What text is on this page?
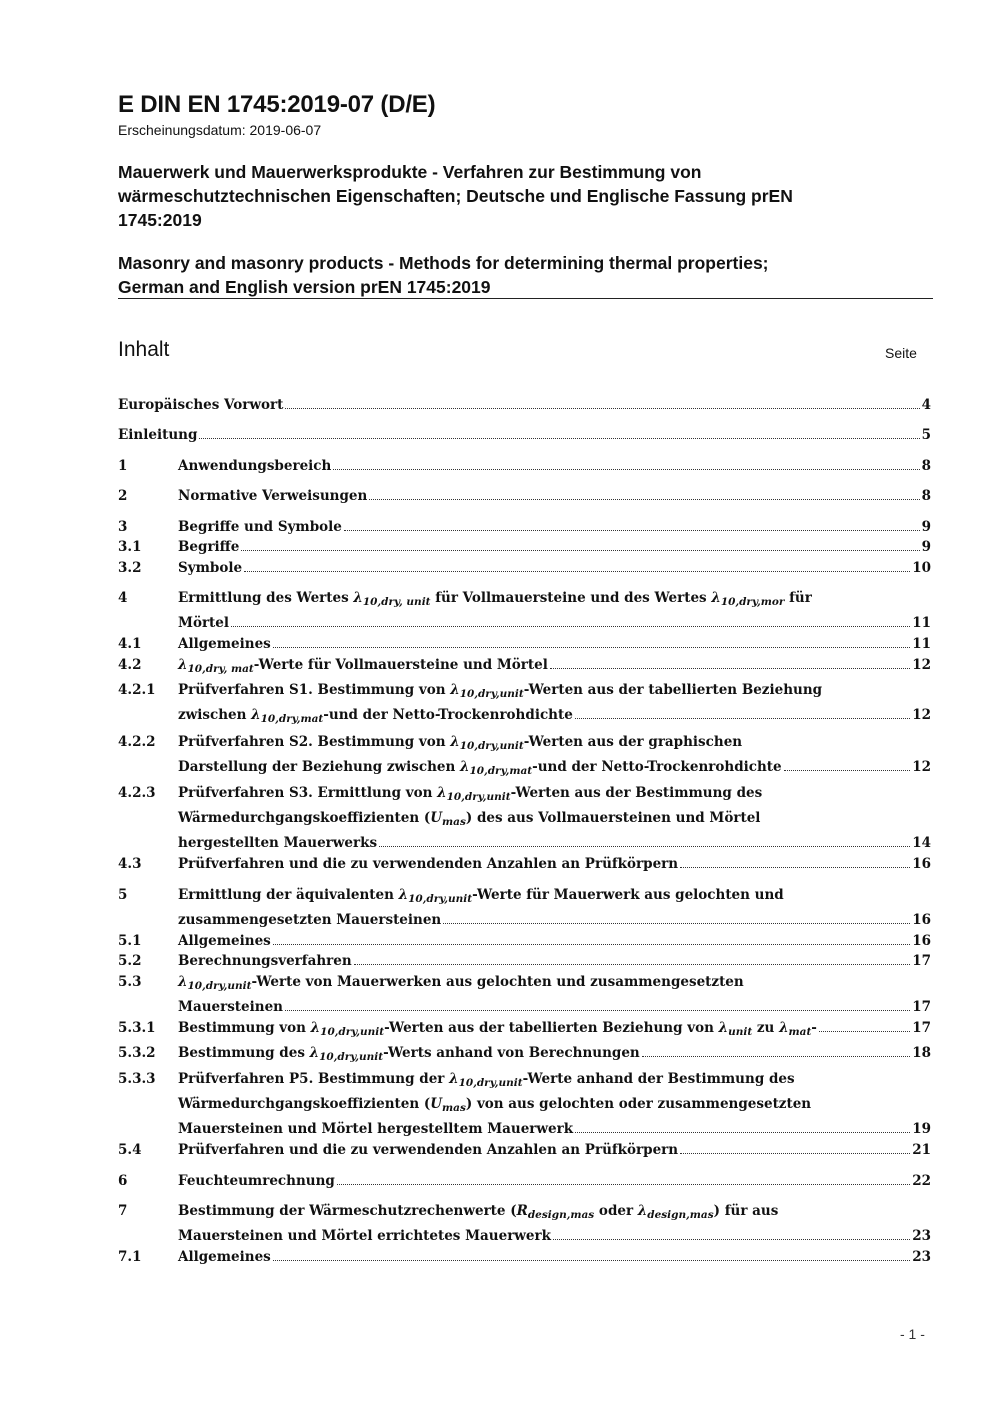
E DIN EN 1745:2019-07 (D/E)
Erscheinungsdatum: 2019-06-07
Mauerwerk und Mauerwerksprodukte - Verfahren zur Bestimmung von
wärmeschutztechnischen Eigenschaften; Deutsche und Englische Fassung prEN
1745:2019
Masonry and masonry products - Methods for determining thermal properties;
German and English version prEN 1745:2019
Inhalt	Seite
Europäisches Vorwort	4
Einleitung	5
1	Anwendungsbereich	8
2	Normative Verweisungen	8
3	Begriffe und Symbole	9
3.1	Begriffe	9
3.2	Symbole	10
4	Ermittlung des Wertes $\lambda_{10,dry, unit}$ für Vollmauersteine und des Wertes $\lambda_{10,dry,mor}$ für
Mörtel	11
4.1	Allgemeines	11
4.2	$\lambda_{10,dry, mat}$-Werte für Vollmauersteine und Mörtel	12
4.2.1 Prüfverfahren S1. Bestimmung von $\lambda_{10,dry,unit}$-Werten aus der tabellierten Beziehung
zwischen $\lambda_{10,dry,mat}$-und der Netto-Trockenrohdichte	12
4.2.2 Prüfverfahren S2. Bestimmung von $\lambda_{10,dry,unit}$-Werten aus der graphischen
Darstellung der Beziehung zwischen $\lambda_{10,dry,mat}$-und der Netto-Trockenrohdichte	12
4.2.3 Prüfverfahren S3. Ermittlung von $\lambda_{10,dry,unit}$-Werten aus der Bestimmung des
Wärmedurchgangskoeffizienten $(U_{mas})$ des aus Vollmauersteinen und Mörtel
hergestellten Mauerwerks	14
4.3	Prüfverfahren und die zu verwendenden Anzahlen an Prüfkörpern	16
5	Ermittlung der äquivalenten $\lambda_{10,dry,unit}$-Werte für Mauerwerk aus gelochten und
zusammengesetzten Mauersteinen	16
5.1	Allgemeines	16
5.2	Berechnungsverfahren	17
5.3	$\lambda_{10,dry,unit}$-Werte von Mauerwerken aus gelochten und zusammengesetzten
Mauersteinen	17
5.3.1 Bestimmung von $\lambda_{10,dry,unit}$-Werten aus der tabellierten Beziehung von $\lambda_{unit}$ zu $\lambda_{mat}-$	17
5.3.2 Bestimmung des $\lambda_{10,dry,unit}$-Werts anhand von Berechnungen	18
5.3.3 Prüfverfahren P5. Bestimmung der $\lambda_{10,dry,unit}$-Werte anhand der Bestimmung des
Wärmedurchgangskoeffizienten $(U_{mas})$ von aus gelochten oder zusammengesetzten
Mauersteinen und Mörtel hergestelltem Mauerwerk	19
5.4	Prüfverfahren und die zu verwendenden Anzahlen an Prüfkörpern	21
6	Feuchteumrechnung	22
7	Bestimmung der Wärmeschutzrechenwerte ($R_{design,mas}$ oder $\lambda_{design,mas}$) für aus
Mauersteinen und Mörtel errichtetes Mauerwerk	23
7.1	Allgemeines	23
- 1 -
